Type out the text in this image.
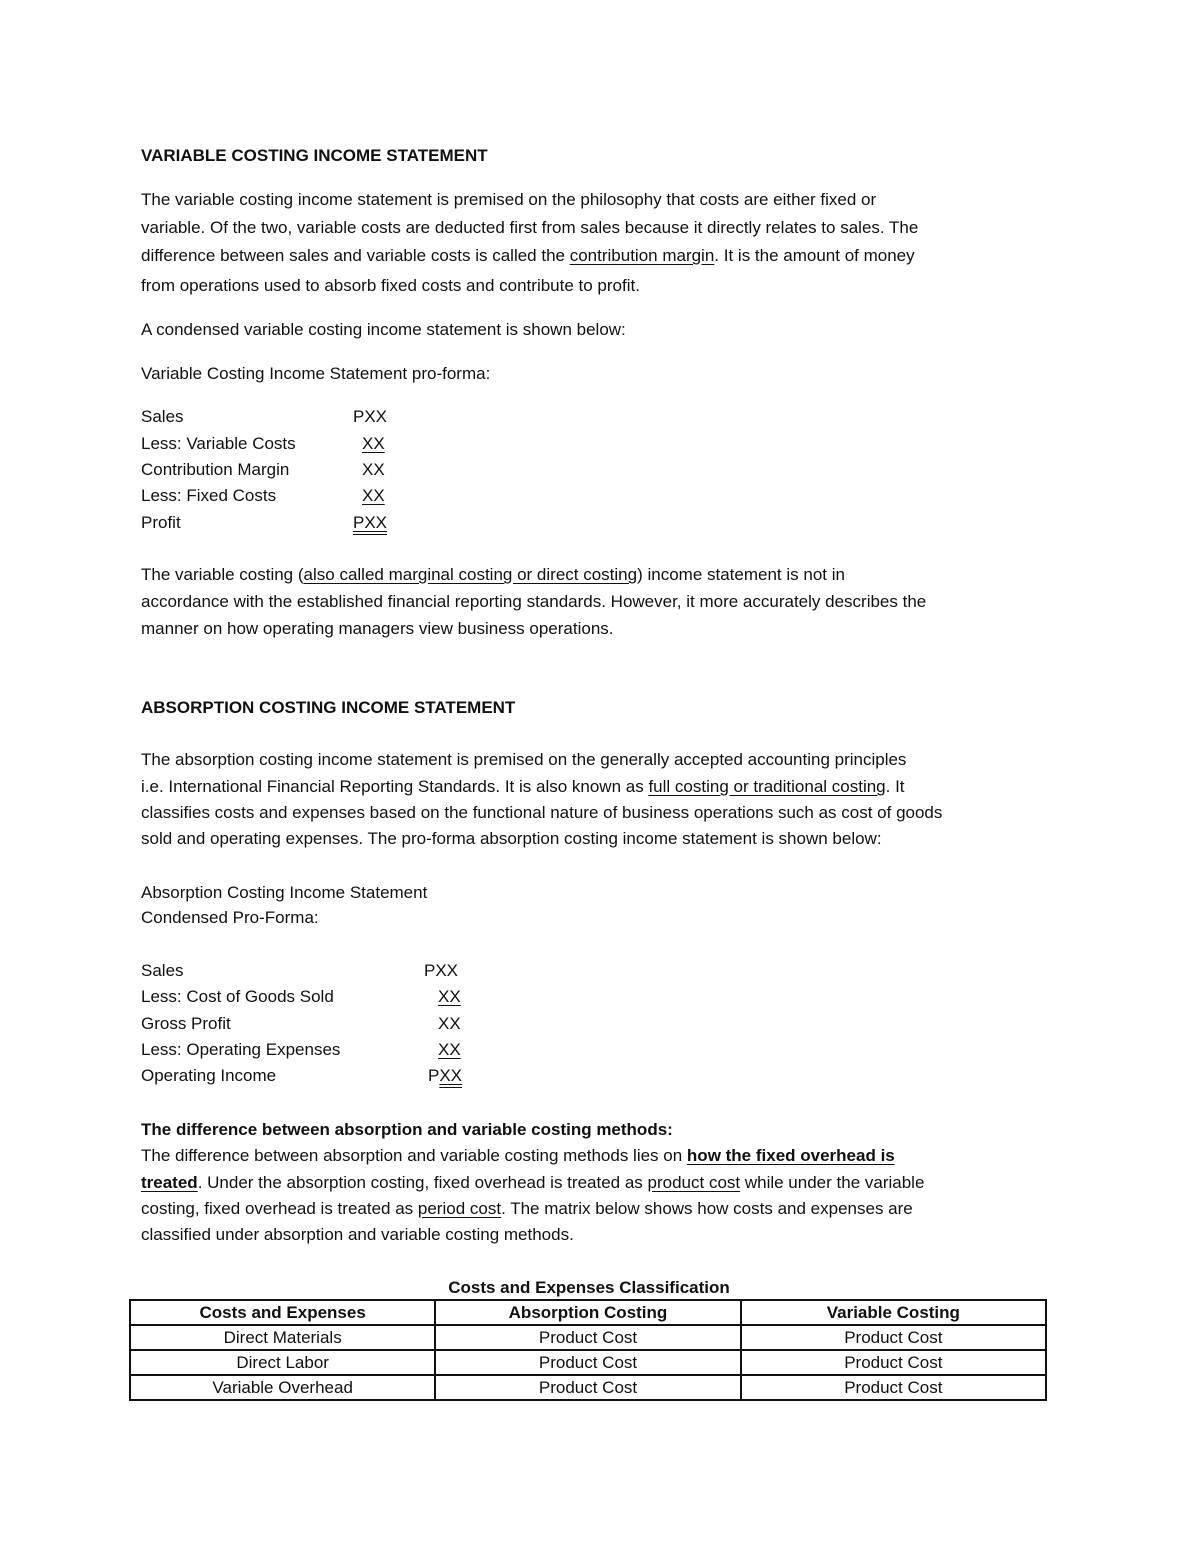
VARIABLE COSTING INCOME STATEMENT
The variable costing income statement is premised on the philosophy that costs are either fixed or
variable. Of the two, variable costs are deducted first from sales because it directly relates to sales. The
difference between sales and variable costs is called the contribution margin. It is the amount of money
from operations used to absorb fixed costs and contribute to profit.
A condensed variable costing income statement is shown below:
Variable Costing Income Statement pro-forma:
Sales	PXX
Less: Variable Costs	XX
Contribution Margin	XX
Less: Fixed Costs	XX
Profit	PXX
The variable costing (also called marginal costing or direct costing) income statement is not in
accordance with the established financial reporting standards. However, it more accurately describes the
manner on how operating managers view business operations.
ABSORPTION COSTING INCOME STATEMENT
The absorption costing income statement is premised on the generally accepted accounting principles
i.e. International Financial Reporting Standards. It is also known as full costing or traditional costing. It
classifies costs and expenses based on the functional nature of business operations such as cost of goods
sold and operating expenses. The pro-forma absorption costing income statement is shown below:
Absorption Costing Income Statement
Condensed Pro-Forma:
Sales	PXX
Less: Cost of Goods Sold	XX
Gross Profit	XX
Less: Operating Expenses	XX
Operating Income	PXX
The difference between absorption and variable costing methods:
The difference between absorption and variable costing methods lies on how the fixed overhead is
treated. Under the absorption costing, fixed overhead is treated as product cost while under the variable
costing, fixed overhead is treated as period cost. The matrix below shows how costs and expenses are
classified under absorption and variable costing methods.
Costs and Expenses Classification
Costs and Expenses	Absorption Costing	Variable Costing
Direct Materials	Product Cost	Product Cost
Direct Labor	Product Cost	Product Cost
Variable Overhead	Product Cost	Product Cost
